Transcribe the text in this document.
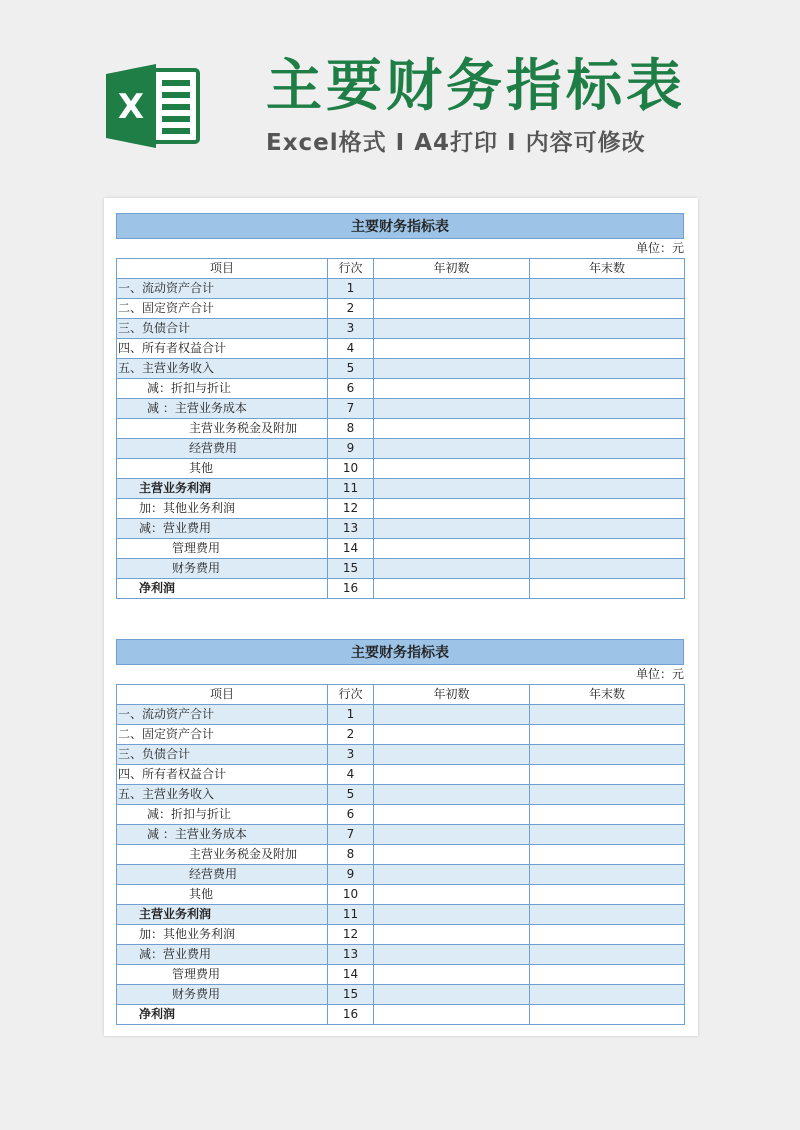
X 主要财务指标表
Excel格式 I A4打印 I 内容可修改
主要财务指标表
单位：元
项目	行次	年初数	年末数
一、流动资产合计	1		
二、固定资产合计	2		
三、负债合计	3		
四、所有者权益合计	4		
五、主营业务收入	5		
减：折扣与折让	6		
减 ：主营业务成本	7		
主营业务税金及附加	8		
经营费用	9		
其他	10		
主营业务利润	11		
加：其他业务利润	12		
减：营业费用	13		
管理费用	14		
财务费用	15		
净利润	16		
主要财务指标表
单位：元
项目	行次	年初数	年末数
一、流动资产合计	1		
二、固定资产合计	2		
三、负债合计	3		
四、所有者权益合计	4		
五、主营业务收入	5		
减：折扣与折让	6		
减 ：主营业务成本	7		
主营业务税金及附加	8		
经营费用	9		
其他	10		
主营业务利润	11		
加：其他业务利润	12		
减：营业费用	13		
管理费用	14		
财务费用	15		
净利润	16		
